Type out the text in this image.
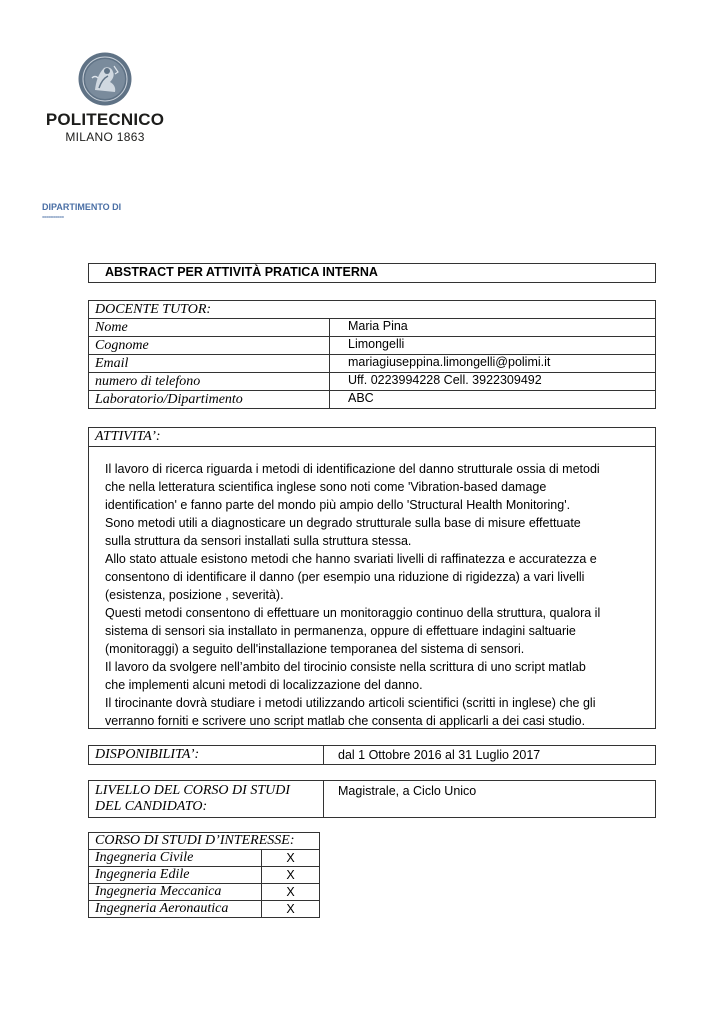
POLITECNICO
MILANO 1863
DIPARTIMENTO DI
----------
ABSTRACT PER ATTIVITÀ PRATICA INTERNA
DOCENTE TUTOR:	
Nome	Maria Pina
Cognome	Limongelli
Email	mariagiuseppina.limongelli@polimi.it
numero di telefono	Uff. 0223994228 Cell. 3922309492
Laboratorio/Dipartimento	ABC
ATTIVITA’:
Il lavoro di ricerca riguarda i metodi di identificazione del danno strutturale ossia di metodi
che nella letteratura scientifica inglese sono noti come 'Vibration-based damage
identification' e fanno parte del mondo più ampio dello 'Structural Health Monitoring'.
Sono metodi utili a diagnosticare un degrado strutturale sulla base di misure effettuate
sulla struttura da sensori installati sulla struttura stessa.
Allo stato attuale esistono metodi che hanno svariati livelli di raffinatezza e accuratezza e
consentono di identificare il danno (per esempio una riduzione di rigidezza) a vari livelli
(esistenza, posizione , severità).
Questi metodi consentono di effettuare un monitoraggio continuo della struttura, qualora il
sistema di sensori sia installato in permanenza, oppure di effettuare indagini saltuarie
(monitoraggi) a seguito dell'installazione temporanea del sistema di sensori.
Il lavoro da svolgere nell’ambito del tirocinio consiste nella scrittura di uno script matlab
che implementi alcuni metodi di localizzazione del danno.
Il tirocinante dovrà studiare i metodi utilizzando articoli scientifici (scritti in inglese) che gli
verranno forniti e scrivere uno script matlab che consenta di applicarli a dei casi studio.
DISPONIBILITA’:	dal 1 Ottobre 2016 al 31 Luglio 2017
LIVELLO DEL CORSO DI STUDI
DEL CANDIDATO:
	Magistrale, a Ciclo Unico
CORSO DI STUDI D’INTERESSE:	
Ingegneria Civile	X
Ingegneria Edile	X
Ingegneria Meccanica	X
Ingegneria Aeronautica	X
